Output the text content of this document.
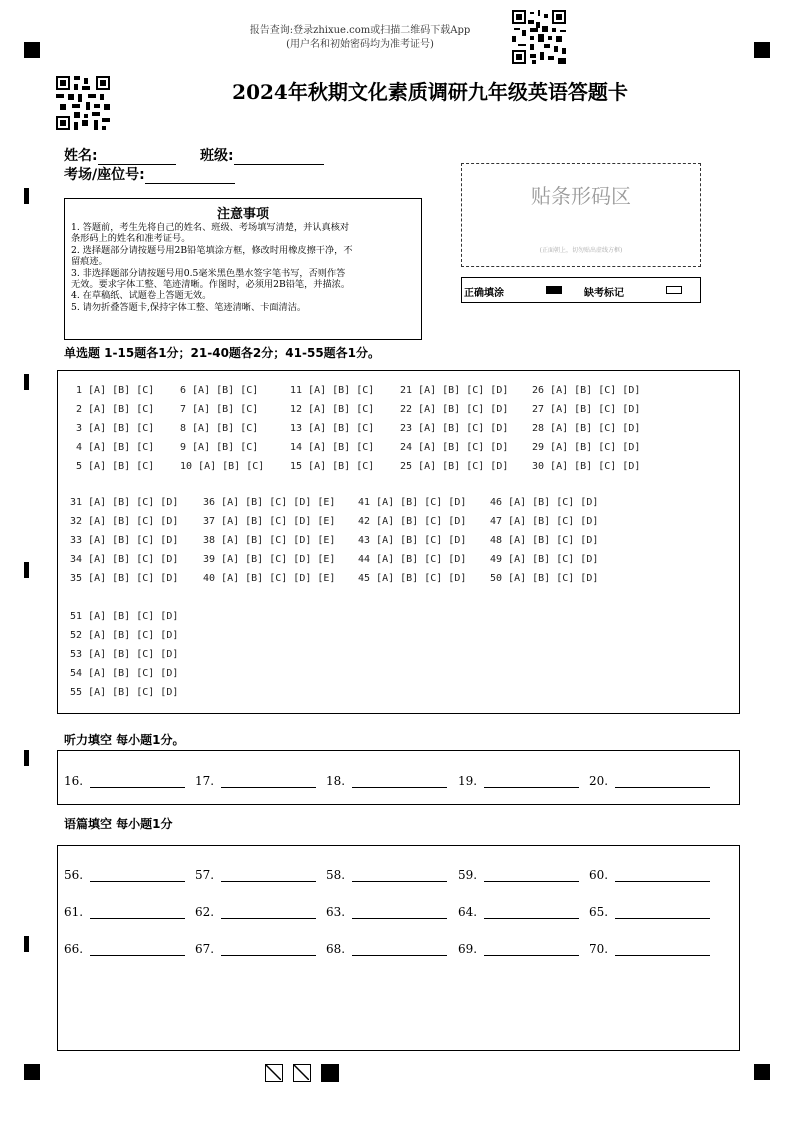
报告查询:登录zhixue.com或扫描二维码下载App
(用户名和初始密码均为准考证号)
2024年秋期文化素质调研九年级英语答题卡
姓名:	班级:
考场/座位号:
注意事项
1. 答题前，考生先将自己的姓名、班级、考场填写清楚，并认真核对
条形码上的姓名和准考证号。
2. 选择题部分请按题号用2B铅笔填涂方框，修改时用橡皮擦干净，不
留痕迹。
3. 非选择题部分请按题号用0.5毫米黑色墨水签字笔书写，否则作答
无效。要求字体工整、笔迹清晰。作图时，必须用2B铅笔，并描浓。
4. 在草稿纸、试题卷上答题无效。
5. 请勿折叠答题卡,保持字体工整、笔迹清晰、卡面清洁。
贴条形码区
(正面朝上，切勿贴出虚线方框)
正确填涂	缺考标记
单选题 1-15题各1分；21-40题各2分；41-55题各1分。
1 [A] [B] [C]
2 [A] [B] [C]
3 [A] [B] [C]
4 [A] [B] [C]
5 [A] [B] [C]
6 [A] [B] [C]
7 [A] [B] [C]
8 [A] [B] [C]
9 [A] [B] [C]
10 [A] [B] [C]
11 [A] [B] [C]
12 [A] [B] [C]
13 [A] [B] [C]
14 [A] [B] [C]
15 [A] [B] [C]
21 [A] [B] [C] [D]
22 [A] [B] [C] [D]
23 [A] [B] [C] [D]
24 [A] [B] [C] [D]
25 [A] [B] [C] [D]
26 [A] [B] [C] [D]
27 [A] [B] [C] [D]
28 [A] [B] [C] [D]
29 [A] [B] [C] [D]
30 [A] [B] [C] [D]
31 [A] [B] [C] [D]
32 [A] [B] [C] [D]
33 [A] [B] [C] [D]
34 [A] [B] [C] [D]
35 [A] [B] [C] [D]
36 [A] [B] [C] [D] [E]
37 [A] [B] [C] [D] [E]
38 [A] [B] [C] [D] [E]
39 [A] [B] [C] [D] [E]
40 [A] [B] [C] [D] [E]
41 [A] [B] [C] [D]
42 [A] [B] [C] [D]
43 [A] [B] [C] [D]
44 [A] [B] [C] [D]
45 [A] [B] [C] [D]
46 [A] [B] [C] [D]
47 [A] [B] [C] [D]
48 [A] [B] [C] [D]
49 [A] [B] [C] [D]
50 [A] [B] [C] [D]
51 [A] [B] [C] [D]
52 [A] [B] [C] [D]
53 [A] [B] [C] [D]
54 [A] [B] [C] [D]
55 [A] [B] [C] [D]
听力填空 每小题1分。
16.	17.	18.	19.	20.
语篇填空 每小题1分
56.	57.	58.	59.	60.
61.	62.	63.	64.	65.
66.	67.	68.	69.	70.
